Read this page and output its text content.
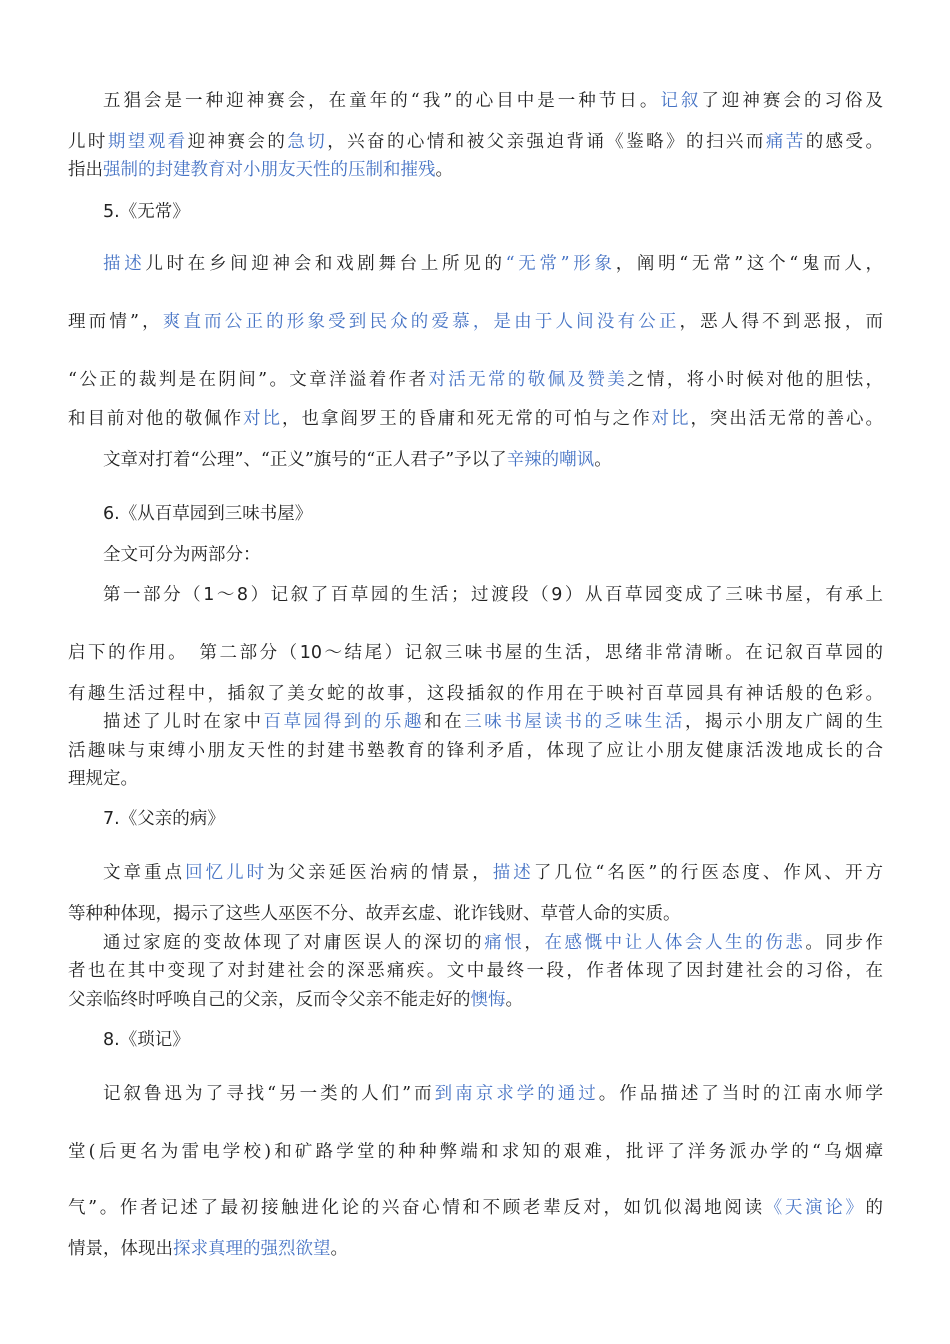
五猖会是一种迎神赛会，在童年的“我”的心目中是一种节日。记叙了迎神赛会的习俗及
儿时期望观看迎神赛会的急切，兴奋的心情和被父亲强迫背诵《鉴略》的扫兴而痛苦的感受。
指出强制的封建教育对小朋友天性的压制和摧残。
5.《无常》
描述儿时在乡间迎神会和戏剧舞台上所见的“无常”形象，阐明“无常”这个“鬼而人，
理而情”，爽直而公正的形象受到民众的爱慕，是由于人间没有公正，恶人得不到恶报，而
“公正的裁判是在阴间”。文章洋溢着作者对活无常的敬佩及赞美之情，将小时候对他的胆怯，
和目前对他的敬佩作对比，也拿阎罗王的昏庸和死无常的可怕与之作对比，突出活无常的善心。
文章对打着“公理”、“正义”旗号的“正人君子”予以了辛辣的嘲讽。
6.《从百草园到三味书屋》
全文可分为两部分：
第一部分（1～8）记叙了百草园的生活；过渡段（9）从百草园变成了三味书屋，有承上
启下的作用。　第二部分（10～结尾）记叙三味书屋的生活，思绪非常清晰。在记叙百草园的
有趣生活过程中，插叙了美女蛇的故事，这段插叙的作用在于映衬百草园具有神话般的色彩。
描述了儿时在家中百草园得到的乐趣和在三味书屋读书的乏味生活，揭示小朋友广阔的生
活趣味与束缚小朋友天性的封建书塾教育的锋利矛盾，体现了应让小朋友健康活泼地成长的合
理规定。
7.《父亲的病》
文章重点回忆儿时为父亲延医治病的情景，描述了几位“名医”的行医态度、作风、开方
等种种体现，揭示了这些人巫医不分、故弄玄虚、讹诈钱财、草菅人命的实质。
通过家庭的变故体现了对庸医误人的深切的痛恨，在感慨中让人体会人生的伤悲。同步作
者也在其中变现了对封建社会的深恶痛疾。文中最终一段，作者体现了因封建社会的习俗，在
父亲临终时呼唤自己的父亲，反而令父亲不能走好的懊悔。
8.《琐记》
记叙鲁迅为了寻找“另一类的人们”而到南京求学的通过。作品描述了当时的江南水师学
堂(后更名为雷电学校)和矿路学堂的种种弊端和求知的艰难，批评了洋务派办学的“乌烟瘴
气”。作者记述了最初接触进化论的兴奋心情和不顾老辈反对，如饥似渴地阅读《天演论》的
情景，体现出探求真理的强烈欲望。
